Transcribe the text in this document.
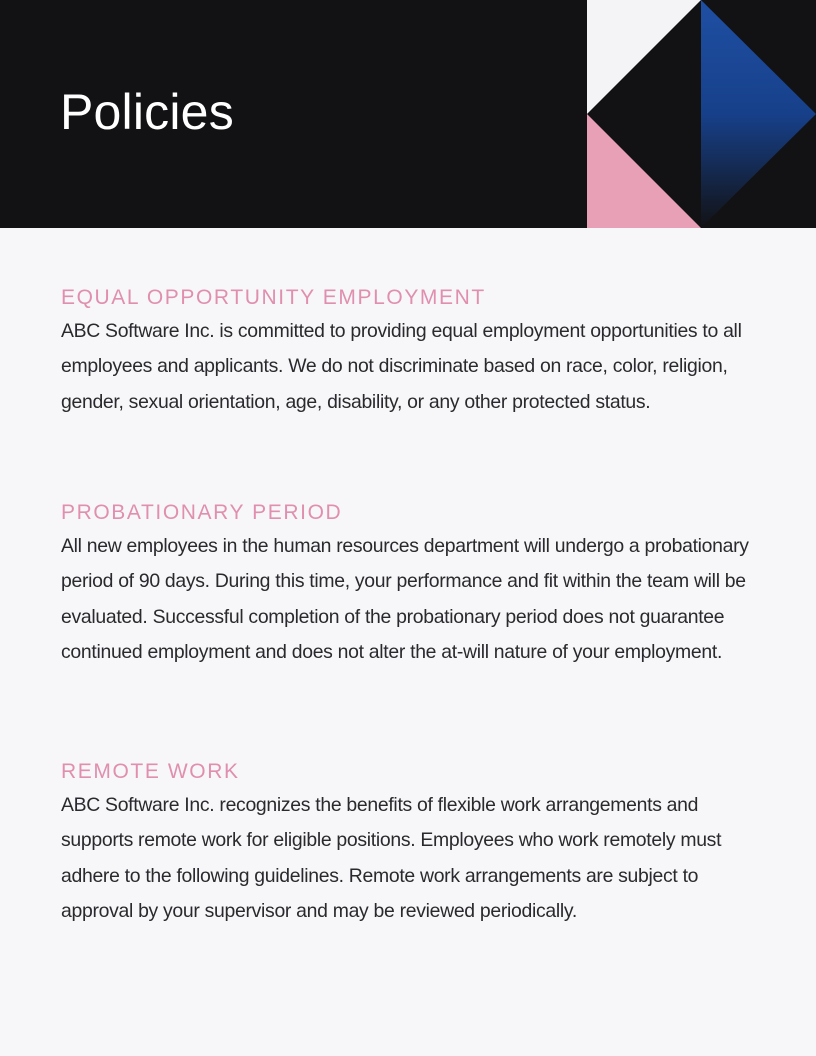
Policies
EQUAL OPPORTUNITY EMPLOYMENT

ABC Software Inc. is committed to providing equal employment opportunities to all employees and applicants. We do not discriminate based on race, color, religion, gender, sexual orientation, age, disability, or any other protected status.

PROBATIONARY PERIOD

All new employees in the human resources department will undergo a probationary period of 90 days. During this time, your performance and fit within the team will be evaluated. Successful completion of the probationary period does not guarantee continued employment and does not alter the at-will nature of your employment.

REMOTE WORK

ABC Software Inc. recognizes the benefits of flexible work arrangements and supports remote work for eligible positions. Employees who work remotely must adhere to the following guidelines. Remote work arrangements are subject to approval by your supervisor and may be reviewed periodically.
